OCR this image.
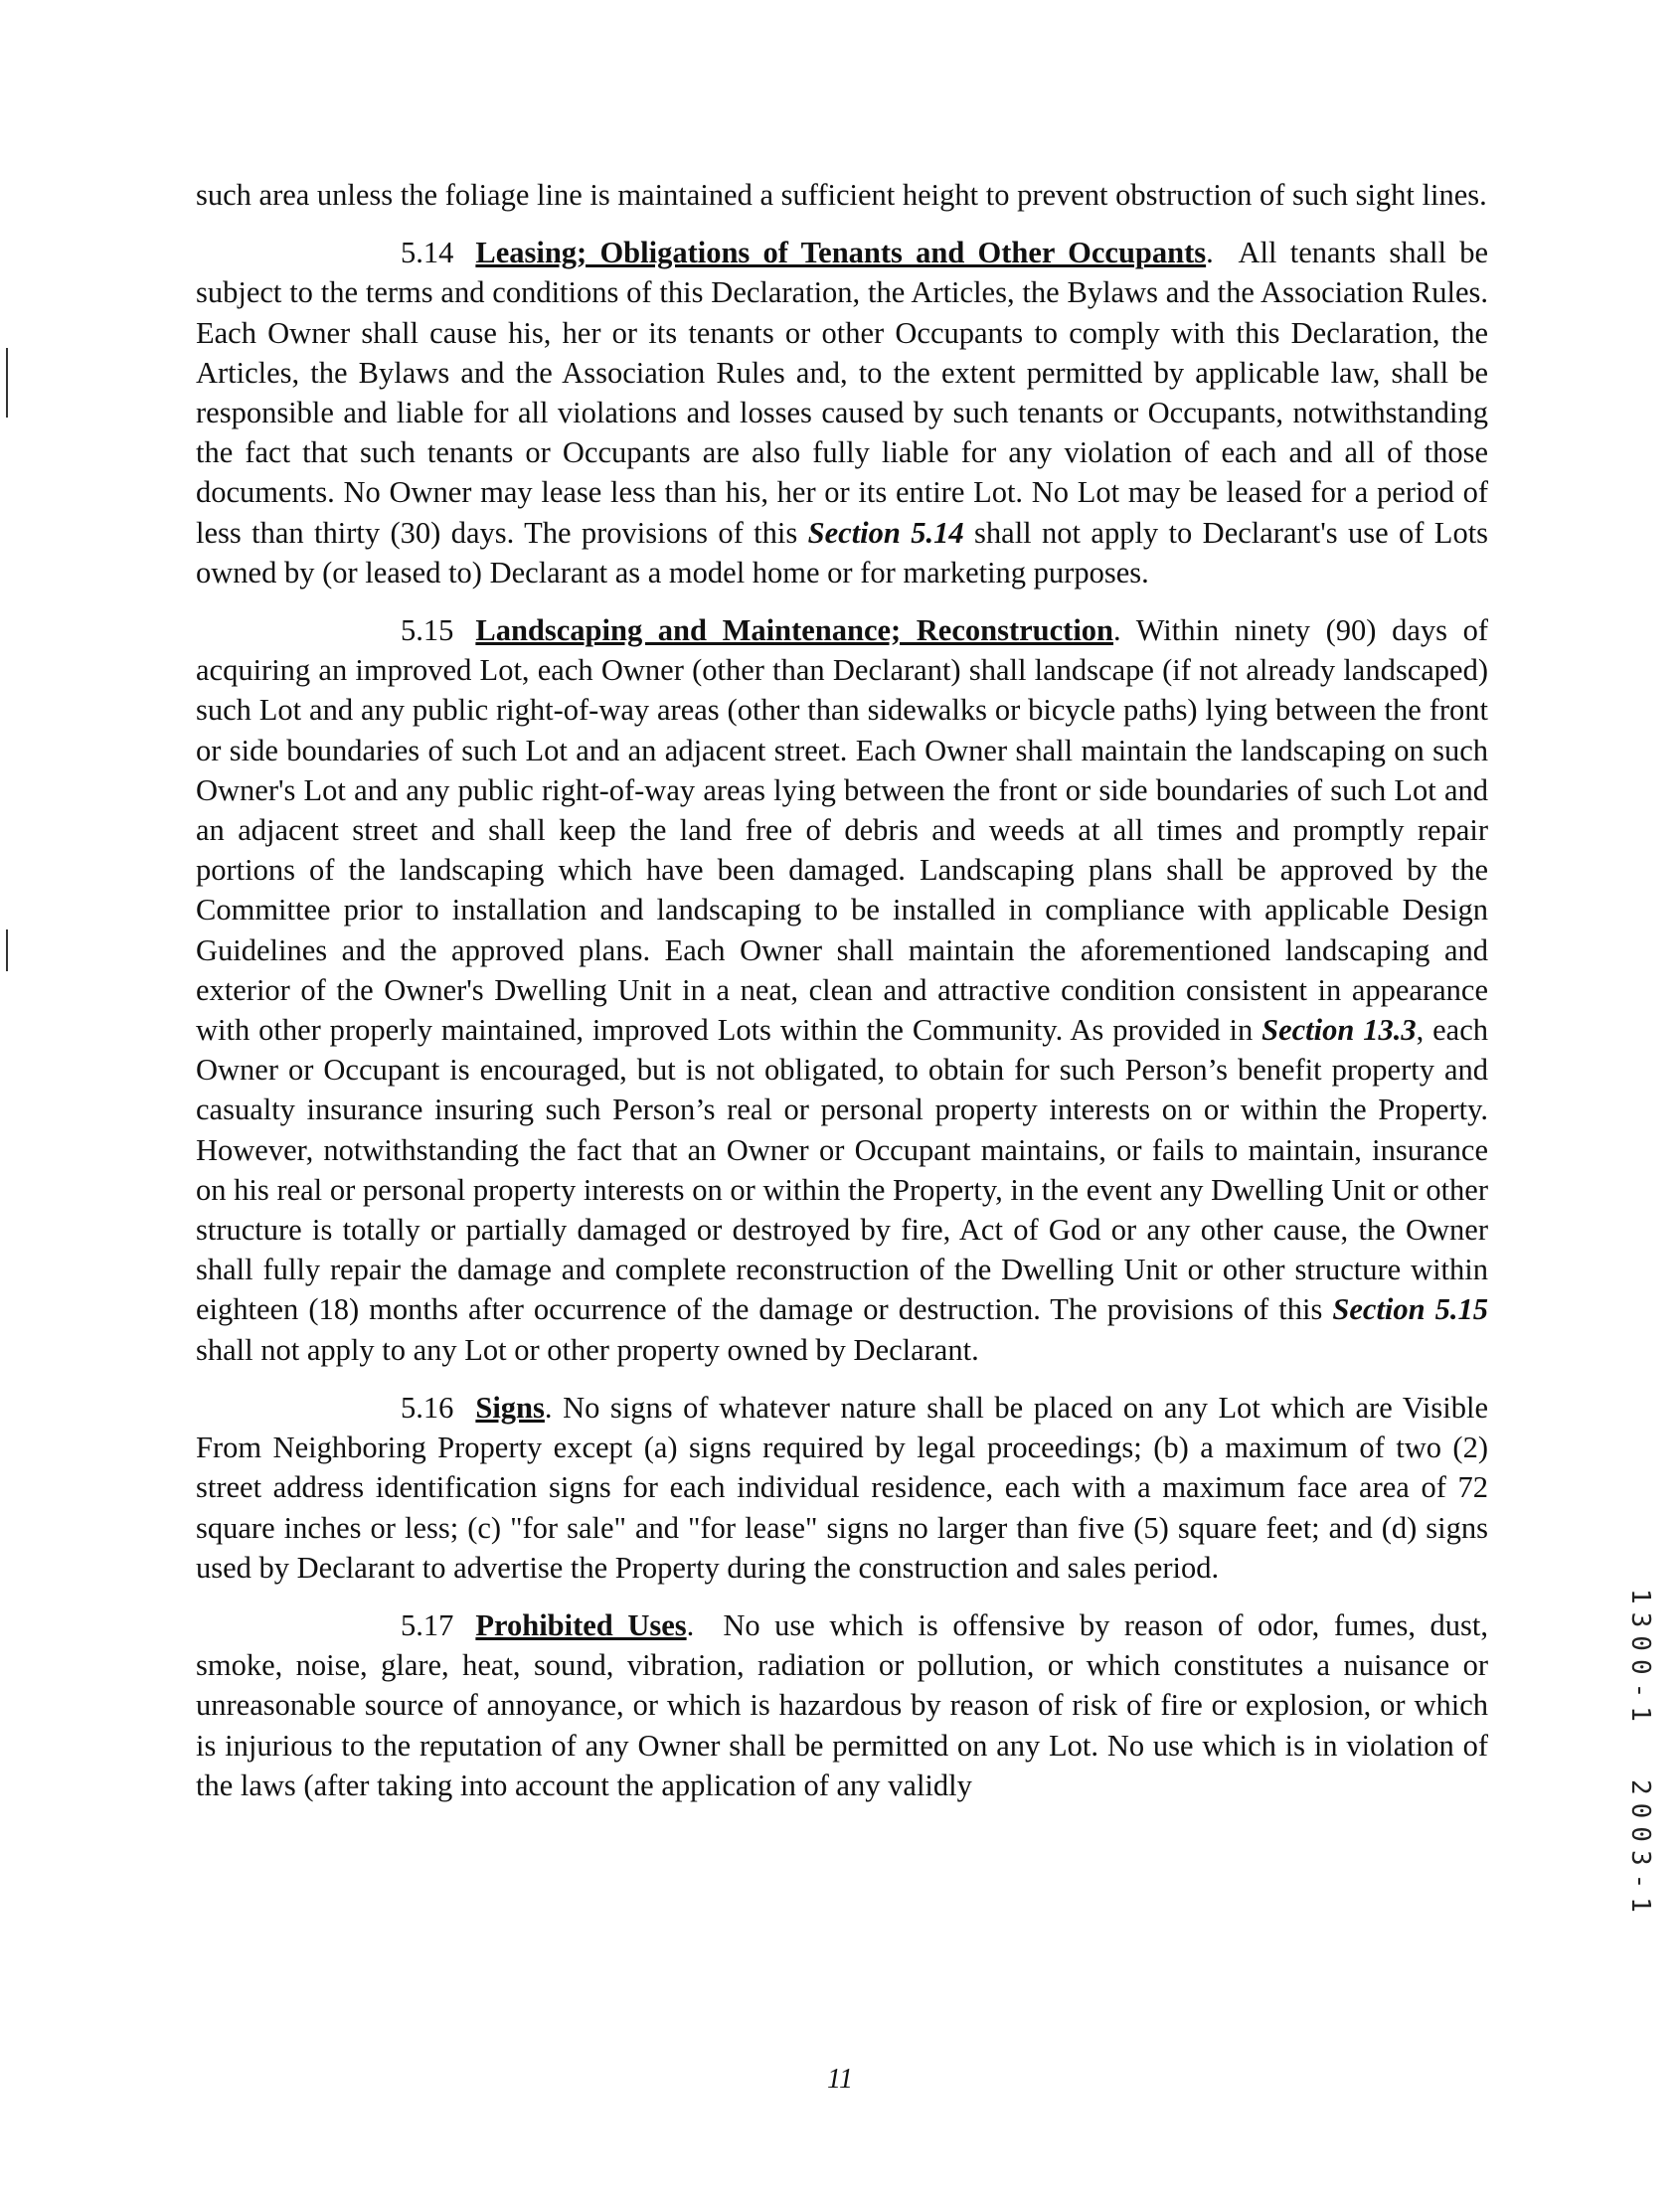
such area unless the foliage line is maintained a sufficient height to prevent obstruction of such sight lines.

5.14 Leasing; Obligations of Tenants and Other Occupants.  All tenants shall be subject to the terms and conditions of this Declaration, the Articles, the Bylaws and the Association Rules. Each Owner shall cause his, her or its tenants or other Occupants to comply with this Declaration, the Articles, the Bylaws and the Association Rules and, to the extent permitted by applicable law, shall be responsible and liable for all violations and losses caused by such tenants or Occupants, notwithstanding the fact that such tenants or Occupants are also fully liable for any violation of each and all of those documents. No Owner may lease less than his, her or its entire Lot. No Lot may be leased for a period of less than thirty (30) days. The provisions of this Section 5.14 shall not apply to Declarant's use of Lots owned by (or leased to) Declarant as a model home or for marketing purposes.

5.15 Landscaping and Maintenance; Reconstruction. Within ninety (90) days of acquiring an improved Lot, each Owner (other than Declarant) shall landscape (if not already landscaped) such Lot and any public right-of-way areas (other than sidewalks or bicycle paths) lying between the front or side boundaries of such Lot and an adjacent street. Each Owner shall maintain the landscaping on such Owner's Lot and any public right-of-way areas lying between the front or side boundaries of such Lot and an adjacent street and shall keep the land free of debris and weeds at all times and promptly repair portions of the landscaping which have been damaged. Landscaping plans shall be approved by the Committee prior to installation and landscaping to be installed in compliance with applicable Design Guidelines and the approved plans. Each Owner shall maintain the aforementioned landscaping and exterior of the Owner's Dwelling Unit in a neat, clean and attractive condition consistent in appearance with other properly maintained, improved Lots within the Community. As provided in Section 13.3, each Owner or Occupant is encouraged, but is not obligated, to obtain for such Person’s benefit property and casualty insurance insuring such Person’s real or personal property interests on or within the Property. However, notwithstanding the fact that an Owner or Occupant maintains, or fails to maintain, insurance on his real or personal property interests on or within the Property, in the event any Dwelling Unit or other structure is totally or partially damaged or destroyed by fire, Act of God or any other cause, the Owner shall fully repair the damage and complete reconstruction of the Dwelling Unit or other structure within eighteen (18) months after occurrence of the damage or destruction. The provisions of this Section 5.15 shall not apply to any Lot or other property owned by Declarant.

5.16 Signs. No signs of whatever nature shall be placed on any Lot which are Visible From Neighboring Property except (a) signs required by legal proceedings; (b) a maximum of two (2) street address identification signs for each individual residence, each with a maximum face area of 72 square inches or less; (c) "for sale" and "for lease" signs no larger than five (5) square feet; and (d) signs used by Declarant to advertise the Property during the construction and sales period.

5.17 Prohibited Uses.  No use which is offensive by reason of odor, fumes, dust, smoke, noise, glare, heat, sound, vibration, radiation or pollution, or which constitutes a nuisance or unreasonable source of annoyance, or which is hazardous by reason of risk of fire or explosion, or which is injurious to the reputation of any Owner shall be permitted on any Lot. No use which is in violation of the laws (after taking into account the application of any validly

1300-1
2003-1
11
